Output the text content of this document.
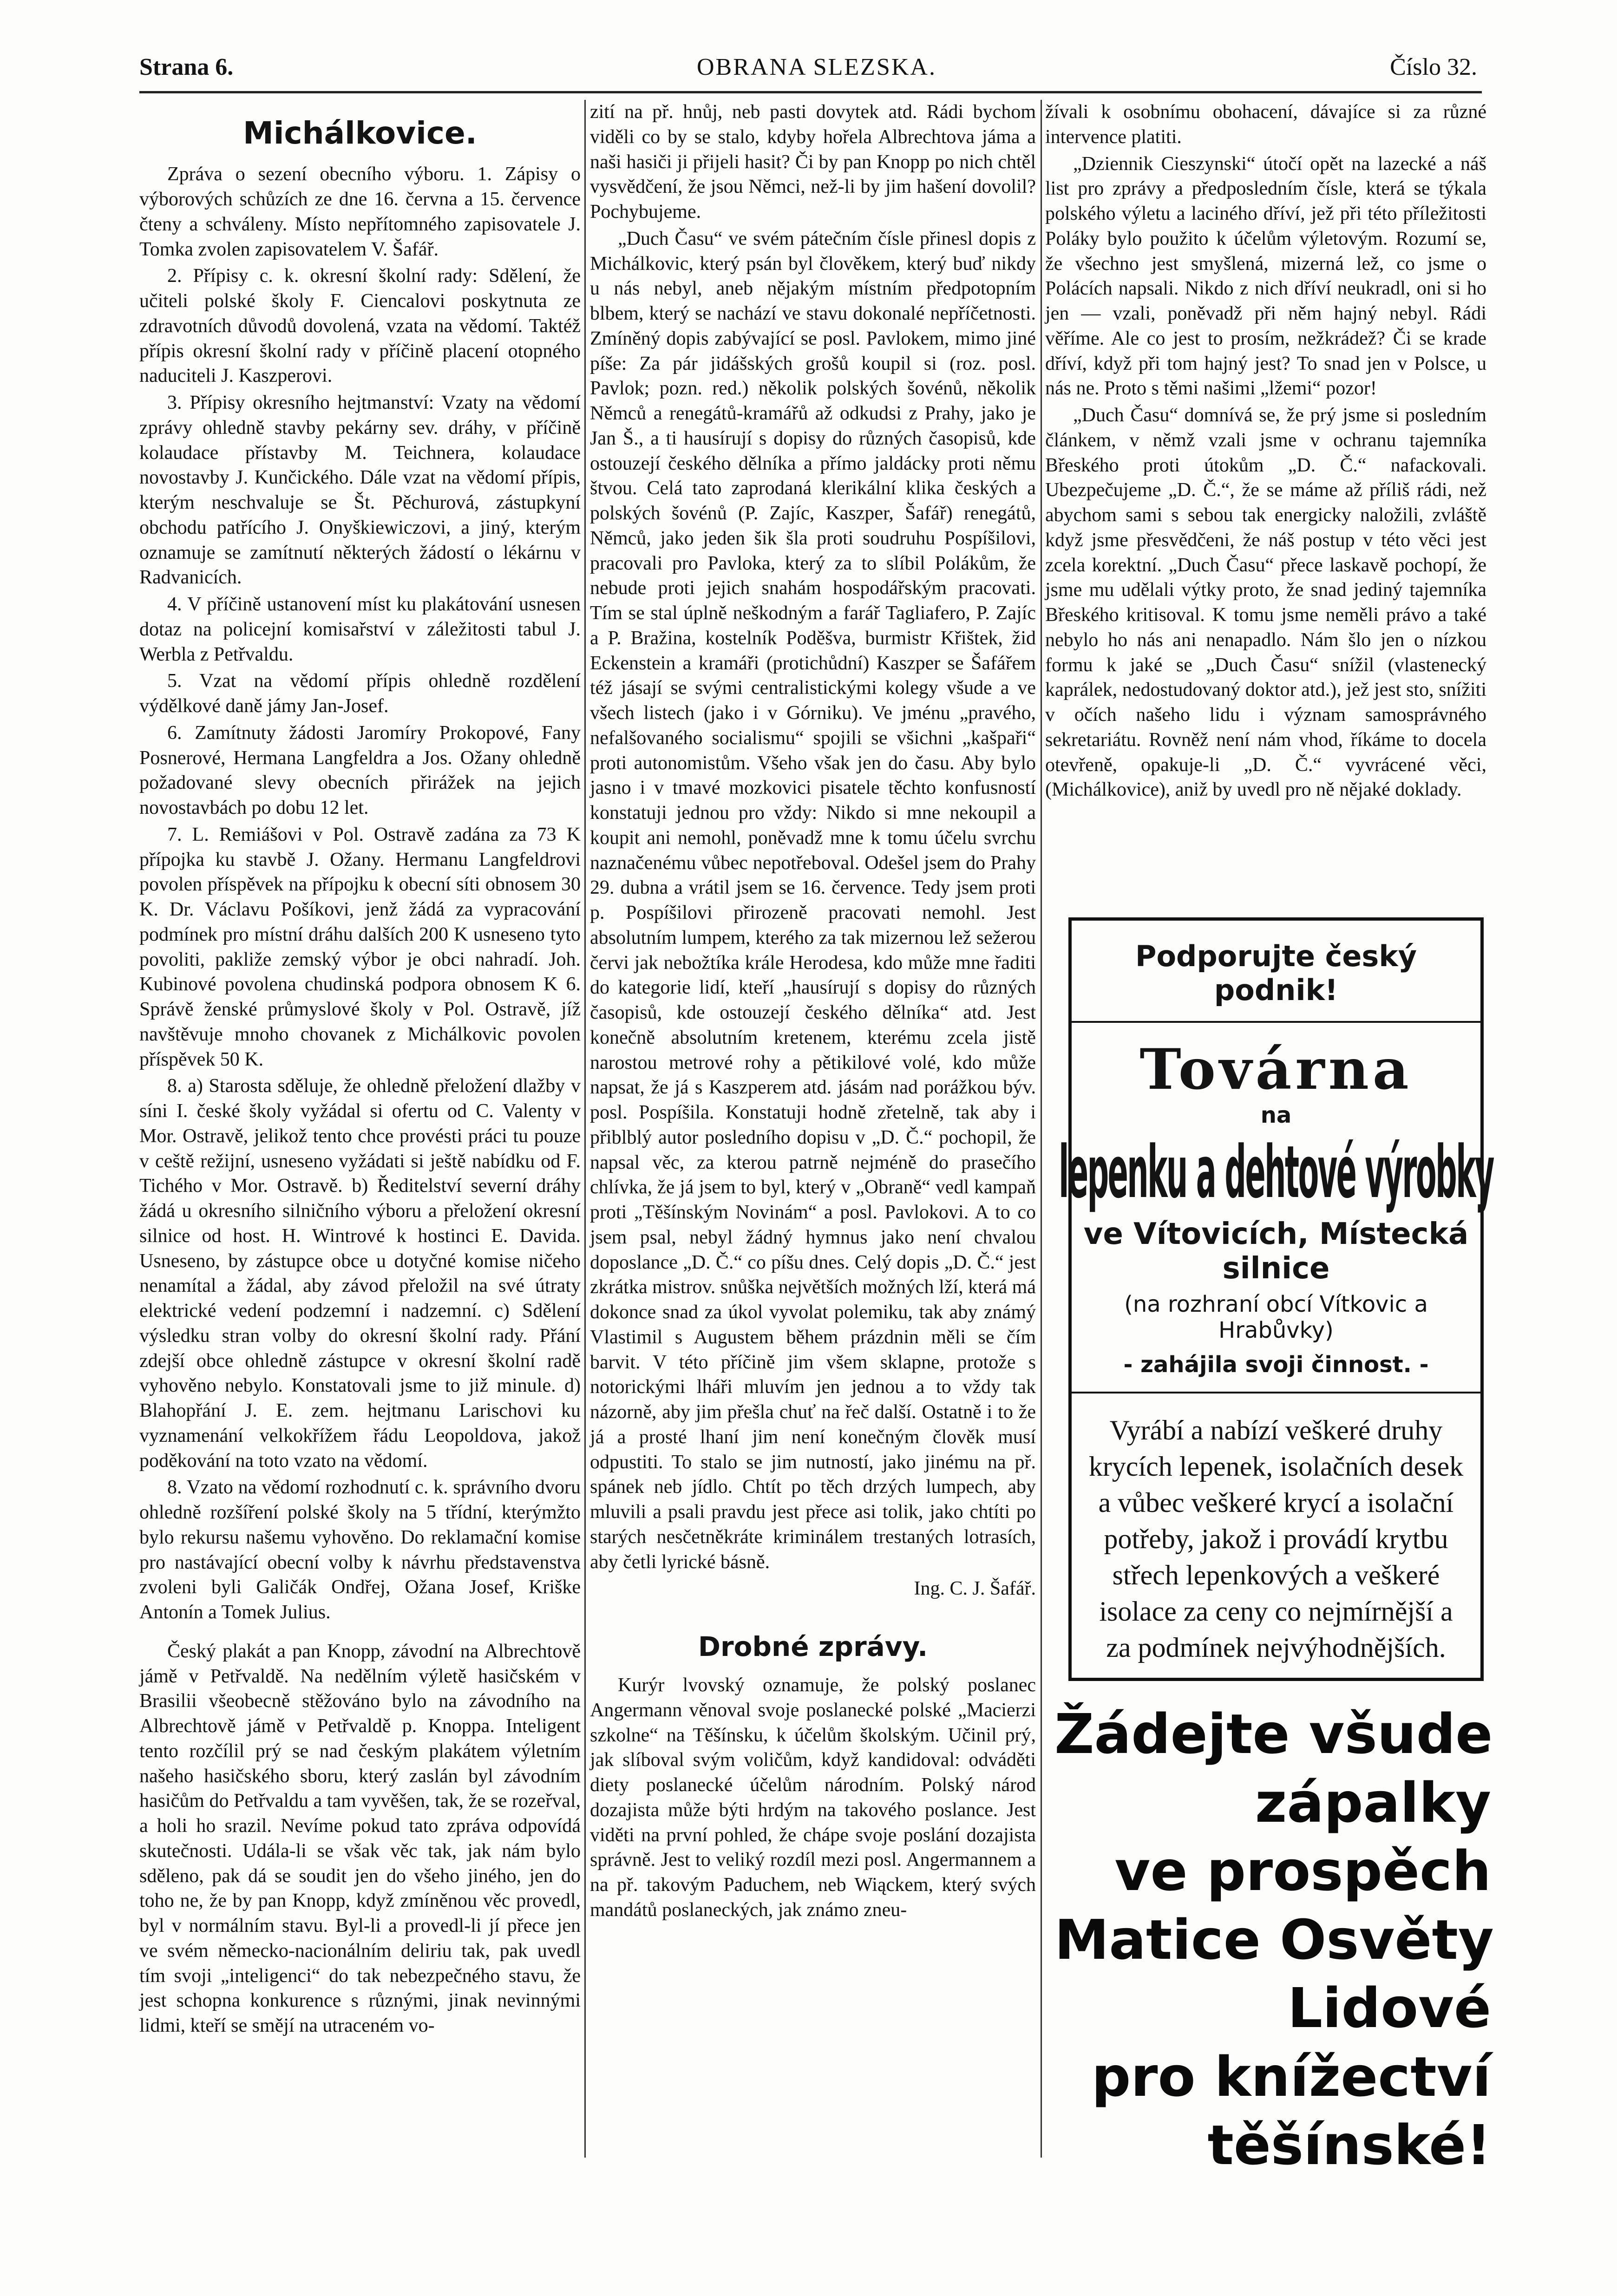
Strana 6.	OBRANA SLEZSKA.	Číslo 32.
Michálkovice.

Zpráva o sezení obecního výboru. 1. Zápisy o výborových schůzích ze dne 16. června a 15. července čteny a schváleny. Místo nepřítomného zapisovatele J. Tomka zvolen zapisovatelem V. Šafář.

2. Přípisy c. k. okresní školní rady: Sdělení, že učiteli polské školy F. Ciencalovi poskytnuta ze zdravotních důvodů dovolená, vzata na vědomí. Taktéž přípis okresní školní rady v příčině placení otopného naduciteli J. Kaszperovi.

3. Přípisy okresního hejtmanství: Vzaty na vědomí zprávy ohledně stavby pekárny sev. dráhy, v příčině kolaudace přístavby M. Teichnera, kolaudace novostavby J. Kunčického. Dále vzat na vědomí přípis, kterým neschvaluje se Št. Pěchurová, zástupkyní obchodu patřícího J. Onyškiewiczovi, a jiný, kterým oznamuje se zamítnutí některých žádostí o lékárnu v Radvanicích.

4. V příčině ustanovení míst ku plakátování usnesen dotaz na policejní komisařství v záležitosti tabul J. Werbla z Petřvaldu.

5. Vzat na vědomí přípis ohledně rozdělení výdělkové daně jámy Jan-Josef.

6. Zamítnuty žádosti Jaromíry Prokopové, Fany Posnerové, Hermana Langfeldra a Jos. Ožany ohledně požadované slevy obecních přirážek na jejich novostavbách po dobu 12 let.

7. L. Remiášovi v Pol. Ostravě zadána za 73 K přípojka ku stavbě J. Ožany. Hermanu Langfeldrovi povolen příspěvek na přípojku k obecní síti obnosem 30 K. Dr. Václavu Pošíkovi, jenž žádá za vypracování podmínek pro místní dráhu dalších 200 K usneseno tyto povoliti, pakliže zemský výbor je obci nahradí. Joh. Kubinové povolena chudinská podpora obnosem K 6. Správě ženské průmyslové školy v Pol. Ostravě, jíž navštěvuje mnoho chovanek z Michálkovic povolen příspěvek 50 K.

8. a) Starosta sděluje, že ohledně přeložení dlažby v síni I. české školy vyžádal si ofertu od C. Valenty v Mor. Ostravě, jelikož tento chce provésti práci tu pouze v ceště režijní, usneseno vyžádati si ještě nabídku od F. Tichého v Mor. Ostravě. b) Ředitelství severní dráhy žádá u okresního silničního výboru a přeložení okresní silnice od host. H. Wintrové k hostinci E. Davida. Usneseno, by zástupce obce u dotyčné komise ničeho nenamítal a žádal, aby závod přeložil na své útraty elektrické vedení podzemní i nadzemní. c) Sdělení výsledku stran volby do okresní školní rady. Přání zdejší obce ohledně zástupce v okresní školní radě vyhověno nebylo. Konstatovali jsme to již minule. d) Blahopřání J. E. zem. hejtmanu Larischovi ku vyznamenání velkokřížem řádu Leopoldova, jakož poděkování na toto vzato na vědomí.

8. Vzato na vědomí rozhodnutí c. k. správního dvoru ohledně rozšíření polské školy na 5 třídní, kterýmžto bylo rekursu našemu vyhověno. Do reklamační komise pro nastávající obecní volby k návrhu představenstva zvoleni byli Galičák Ondřej, Ožana Josef, Kriške Antonín a Tomek Julius.

Český plakát a pan Knopp, závodní na Albrechtově jámě v Petřvaldě. Na nedělním výletě hasičském v Brasilii všeobecně stěžováno bylo na závodního na Albrechtově jámě v Petřvaldě p. Knoppa. Inteligent tento rozčílil prý se nad českým plakátem výletním našeho hasičského sboru, který zaslán byl závodním hasičům do Petřvaldu a tam vyvěšen, tak, že se rozeřval, a holi ho srazil. Nevíme pokud tato zpráva odpovídá skutečnosti. Udála-li se však věc tak, jak nám bylo sděleno, pak dá se soudit jen do všeho jiného, jen do toho ne, že by pan Knopp, když zmíněnou věc provedl, byl v normálním stavu. Byl-li a provedl-li jí přece jen ve svém německo-nacionálním deliriu tak, pak uvedl tím svoji „inteligenci“ do tak nebezpečného stavu, že jest schopna konkurence s různými, jinak nevinnými lidmi, kteří se smějí na utraceném vo-

zití na př. hnůj, neb pasti dovytek atd. Rádi bychom viděli co by se stalo, kdyby hořela Albrechtova jáma a naši hasiči ji přijeli hasit? Či by pan Knopp po nich chtěl vysvědčení, že jsou Němci, než-li by jim hašení dovolil? Pochybujeme.

„Duch Času“ ve svém pátečním čísle přinesl dopis z Michálkovic, který psán byl člověkem, který buď nikdy u nás nebyl, aneb nějakým místním předpotopním blbem, který se nachází ve stavu dokonalé nepříčetnosti. Zmíněný dopis zabývající se posl. Pavlokem, mimo jiné píše: Za pár jidášských grošů koupil si (roz. posl. Pavlok; pozn. red.) několik polských šovénů, několik Němců a renegátů-kramářů až odkudsi z Prahy, jako je Jan Š., a ti hausírují s dopisy do různých časopisů, kde ostouzejí českého dělníka a přímo jaldácky proti němu štvou. Celá tato zaprodaná klerikální klika českých a polských šovénů (P. Zajíc, Kaszper, Šafář) renegátů, Němců, jako jeden šik šla proti soudruhu Pospíšilovi, pracovali pro Pavloka, který za to slíbil Polákům, že nebude proti jejich snahám hospodářským pracovati. Tím se stal úplně neškodným a farář Tagliafero, P. Zajíc a P. Bražina, kostelník Poděšva, burmistr Křištek, žid Eckenstein a kramáři (protichůdní) Kaszper se Šafářem též jásají se svými centralistickými kolegy všude a ve všech listech (jako i v Górniku). Ve jménu „pravého, nefalšovaného socialismu“ spojili se všichni „kašpaři“ proti autonomistům. Všeho však jen do času. Aby bylo jasno i v tmavé mozkovici pisatele těchto konfusností konstatuji jednou pro vždy: Nikdo si mne nekoupil a koupit ani nemohl, poněvadž mne k tomu účelu svrchu naznačenému vůbec nepotřeboval. Odešel jsem do Prahy 29. dubna a vrátil jsem se 16. července. Tedy jsem proti p. Pospíšilovi přirozeně pracovati nemohl. Jest absolutním lumpem, kterého za tak mizernou lež sežerou červi jak nebožtíka krále Herodesa, kdo může mne řaditi do kategorie lidí, kteří „hausírují s dopisy do různých časopisů, kde ostouzejí českého dělníka“ atd. Jest konečně absolutním kretenem, kterému zcela jistě narostou metrové rohy a pětikilové volé, kdo může napsat, že já s Kaszperem atd. jásám nad porážkou býv. posl. Pospíšila. Konstatuji hodně zřetelně, tak aby i přiblblý autor posledního dopisu v „D. Č.“ pochopil, že napsal věc, za kterou patrně nejméně do prasečího chlívka, že já jsem to byl, který v „Obraně“ vedl kampaň proti „Těšínským Novinám“ a posl. Pavlokovi. A to co jsem psal, nebyl žádný hymnus jako není chvalou doposlance „D. Č.“ co píšu dnes. Celý dopis „D. Č.“ jest zkrátka mistrov. snůška největších možných lží, která má dokonce snad za úkol vyvolat polemiku, tak aby známý Vlastimil s Augustem během prázdnin měli se čím barvit. V této příčině jim všem sklapne, protože s notorickými lháři mluvím jen jednou a to vždy tak názorně, aby jim přešla chuť na řeč další. Ostatně i to že já a prosté lhaní jim není konečným člověk musí odpustiti. To stalo se jim nutností, jako jinému na př. spánek neb jídlo. Chtít po těch drzých lumpech, aby mluvili a psali pravdu jest přece asi tolik, jako chtíti po starých nesčetněkráte kriminálem trestaných lotrasích, aby četli lyrické básně.

Ing. C. J. Šafář.

Drobné zprávy.

Kurýr lvovský oznamuje, že polský poslanec Angermann věnoval svoje poslanecké polské „Macierzi szkolne“ na Těšínsku, k účelům školským. Učinil prý, jak slíboval svým voličům, když kandidoval: odváděti diety poslanecké účelům národním. Polský národ dozajista může býti hrdým na takového poslance. Jest viděti na první pohled, že chápe svoje poslání dozajista správně. Jest to veliký rozdíl mezi posl. Angermannem a na př. takovým Paduchem, neb Wiąckem, který svých mandátů poslaneckých, jak známo zneu-

žívali k osobnímu obohacení, dávajíce si za různé intervence platiti.

„Dziennik Cieszynski“ útočí opět na lazecké a náš list pro zprávy a předposledním čísle, která se týkala polského výletu a laciného dříví, jež při této příležitosti Poláky bylo použito k účelům výletovým. Rozumí se, že všechno jest smyšlená, mizerná lež, co jsme o Polácích napsali. Nikdo z nich dříví neukradl, oni si ho jen — vzali, poněvadž při něm hajný nebyl. Rádi věříme. Ale co jest to prosím, nežkrádež? Či se krade dříví, když při tom hajný jest? To snad jen v Polsce, u nás ne. Proto s těmi našimi „lžemi“ pozor!

„Duch Času“ domnívá se, že prý jsme si posledním článkem, v němž vzali jsme v ochranu tajemníka Břeského proti útokům „D. Č.“ nafackovali. Ubezpečujeme „D. Č.“, že se máme až příliš rádi, než abychom sami s sebou tak energicky naložili, zvláště když jsme přesvědčeni, že náš postup v této věci jest zcela korektní. „Duch Času“ přece laskavě pochopí, že jsme mu udělali výtky proto, že snad jediný tajemníka Břeského kritisoval. K tomu jsme neměli právo a také nebylo ho nás ani nenapadlo. Nám šlo jen o nízkou formu k jaké se „Duch Času“ snížil (vlastenecký kaprálek, nedostudovaný doktor atd.), jež jest sto, snížiti v očích našeho lidu i význam samosprávného sekretariátu. Rovněž není nám vhod, říkáme to docela otevřeně, opakuje-li „D. Č.“ vyvrácené věci, (Michálkovice), aniž by uvedl pro ně nějaké doklady.

Podporujte český podnik!
Továrna
na
lepenku a dehtové výrobky
ve Vítovicích, Místecká silnice
(na rozhraní obcí Vítkovic a Hrabůvky)
- zahájila svoji činnost. -
Vyrábí a nabízí veškeré druhy krycích lepenek, isolačních desek a vůbec veškeré krycí a isolační potřeby, jakož i provádí krytbu střech lepenkových a veškeré isolace za ceny co nejmírnější a za podmínek nejvýhodnějších.
Žádejte všude
zápalky
ve prospěch
Matice Osvěty
Lidové
pro knížectví
těšínské!
